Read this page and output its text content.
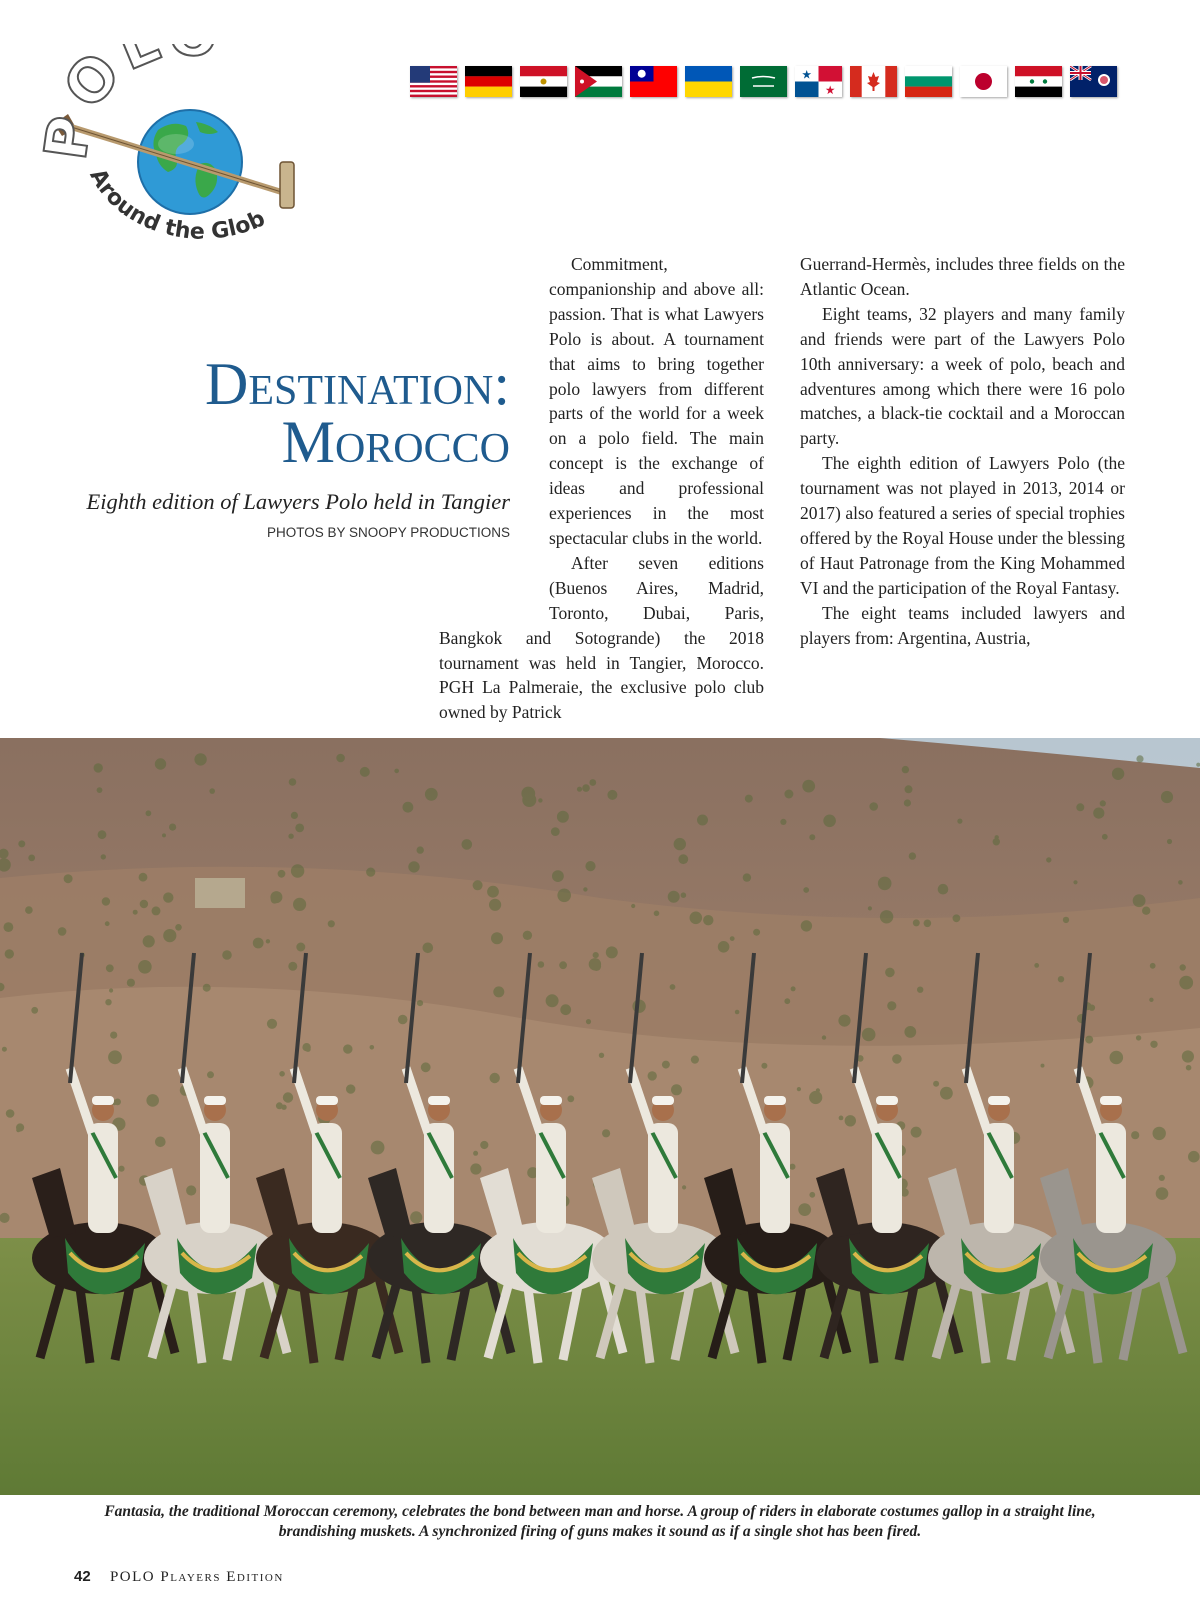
OL
Around the Glob
Destination:
Morocco
Eighth edition of Lawyers Polo held in Tangier
PHOTOS BY SNOOPY PRODUCTIONS

Commitment, companionship and above all: passion. That is what Lawyers Polo is about. A tournament that aims to bring together polo lawyers from different parts of the world for a week on a polo field. The main concept is the exchange of ideas and professional experiences in the most spectacular clubs in the world.

After seven editions (Buenos Aires, Madrid, Toronto, Dubai, Paris, Bangkok and Sotogrande) the 2018 tournament was held in Tangier, Morocco. PGH La Palmeraie, the exclusive polo club owned by Patrick

Guerrand-Hermès, includes three fields on the Atlantic Ocean.

Eight teams, 32 players and many family and friends were part of the Lawyers Polo 10th anniversary: a week of polo, beach and adventures among which there were 16 polo matches, a black-tie cocktail and a Moroccan party.

The eighth edition of Lawyers Polo (the tournament was not played in 2013, 2014 or 2017) also featured a series of special trophies offered by the Royal House under the blessing of Haut Patronage from the King Mohammed VI and the participation of the Royal Fantasy.

The eight teams included lawyers and players from: Argentina, Austria,

Fantasia, the traditional Moroccan ceremony, celebrates the bond between man and horse. A group of riders in elaborate costumes gallop in a straight line, brandishing muskets. A synchronized firing of guns makes it sound as if a single shot has been fired.
42 POLO Players Edition
